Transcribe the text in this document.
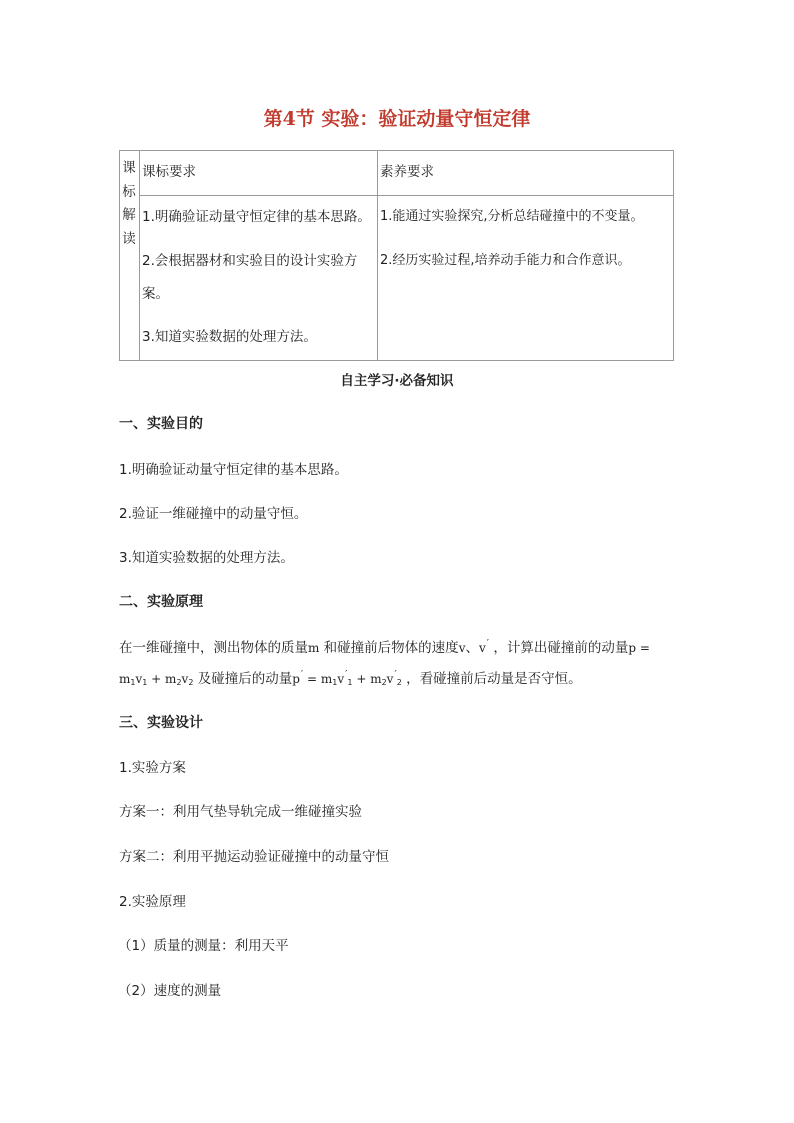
第4节 实验：验证动量守恒定律
课
标
解
读
课标要求	素养要求
1.明确验证动量守恒定律的基本思路。
2.会根据器材和实验目的设计实验方
案。
3.知道实验数据的处理方法。
1.能通过实验探究,分析总结碰撞中的不变量。
2.经历实验过程,培养动手能力和合作意识。
自主学习·必备知识
一、实验目的
1.明确验证动量守恒定律的基本思路。
2.验证一维碰撞中的动量守恒。
3.知道实验数据的处理方法。
二、实验原理
在一维碰撞中，测出物体的质量m 和碰撞前后物体的速度v、v′ ，计算出碰撞前的动量p =
$m_1v_1 + m_2v_2$ 及碰撞后的动量$p' = m_1v'_1 + m_2v'_2$ ，看碰撞前后动量是否守恒。
三、实验设计
1.实验方案
方案一：利用气垫导轨完成一维碰撞实验
方案二：利用平抛运动验证碰撞中的动量守恒
2.实验原理
（1）质量的测量：利用天平
（2）速度的测量
